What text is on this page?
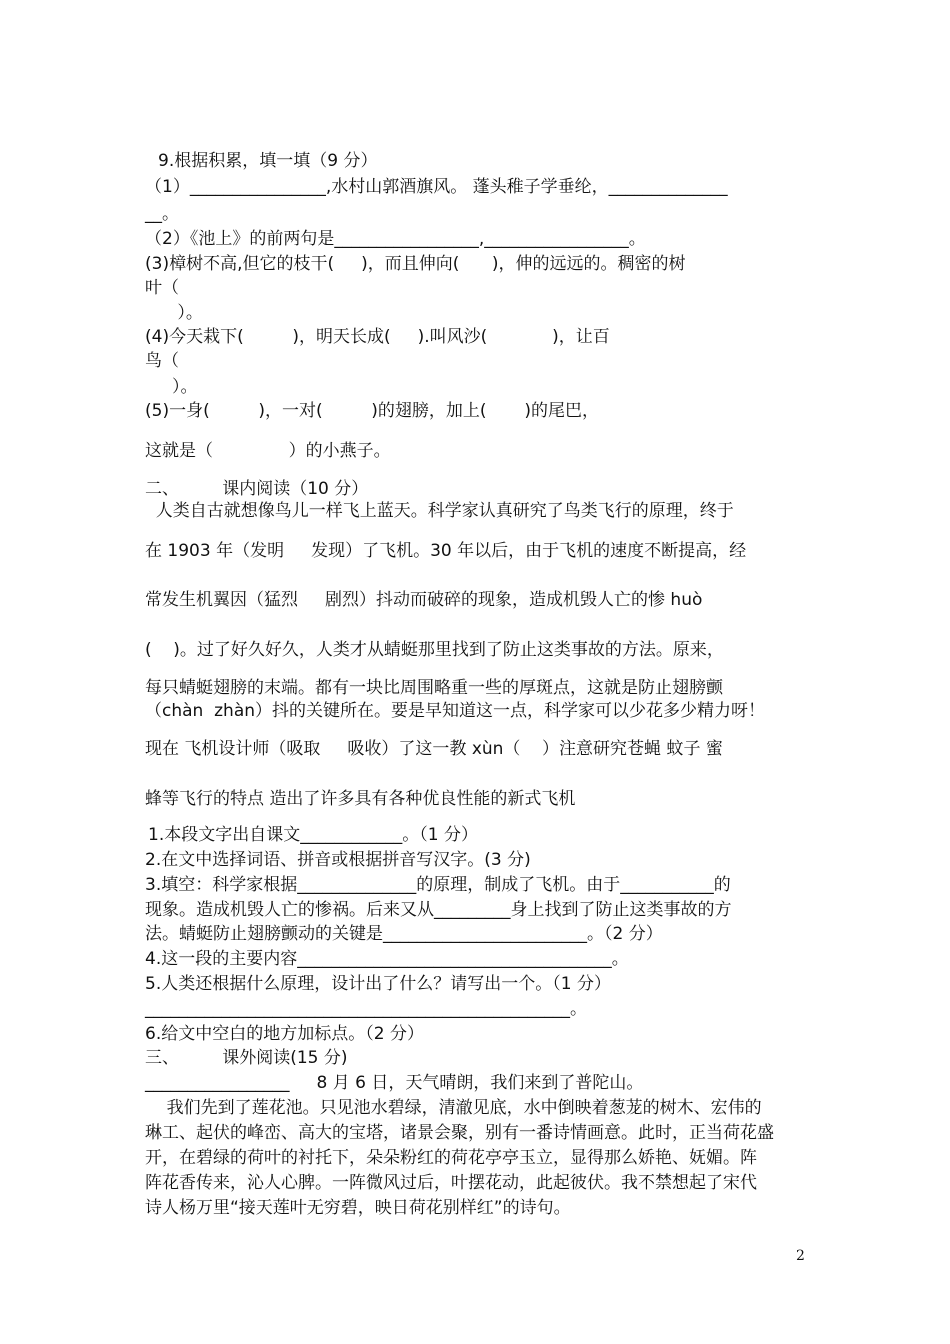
9.根据积累，填一填（9 分）
（1）________________,水村山郭酒旗风。 蓬头稚子学垂纶，______________
__。
（2）《池上》的前两句是_________________,_________________。
(3)樟树不高,但它的枝干(     )，而且伸向(      )，伸的远远的。稠密的树
叶（
）。
(4)今天栽下(         )，明天长成(     ).叫风沙(            )，让百
鸟（
）。
(5)一身(         )，一对(         )的翅膀，加上(       )的尾巴，
这就是（              ）的小燕子。
二、        课内阅读（10 分）
人类自古就想像鸟儿一样飞上蓝天。科学家认真研究了鸟类飞行的原理，终于
在 1903 年（发明     发现）了飞机。30 年以后，由于飞机的速度不断提高，经
常发生机翼因（猛烈     剧烈）抖动而破碎的现象，造成机毁人亡的惨 huò
(    )。过了好久好久，人类才从蜻蜓那里找到了防止这类事故的方法。原来，
每只蜻蜓翅膀的末端。都有一块比周围略重一些的厚斑点，这就是防止翅膀颤
（chàn  zhàn）抖的关键所在。要是早知道这一点，科学家可以少花多少精力呀！
现在 飞机设计师（吸取     吸收）了这一教 xùn（    ）注意研究苍蝇 蚊子 蜜
蜂等飞行的特点 造出了许多具有各种优良性能的新式飞机
1.本段文字出自课文____________。（1 分）
2.在文中选择词语、拼音或根据拼音写汉字。(3 分)
3.填空：科学家根据______________的原理，制成了飞机。由于___________的
现象。造成机毁人亡的惨祸。后来又从_________身上找到了防止这类事故的方
法。蜻蜓防止翅膀颤动的关键是________________________。（2 分）
4.这一段的主要内容_____________________________________。
5.人类还根据什么原理，设计出了什么？请写出一个。（1 分）
__________________________________________________。
6.给文中空白的地方加标点。（2 分）
三、        课外阅读(15 分)
_________________     8 月 6 日，天气晴朗，我们来到了普陀山。
我们先到了莲花池。只见池水碧绿，清澈见底，水中倒映着葱茏的树木、宏伟的
琳工、起伏的峰峦、高大的宝塔，诸景会聚，别有一番诗情画意。此时，正当荷花盛
开，在碧绿的荷叶的衬托下，朵朵粉红的荷花亭亭玉立，显得那么娇艳、妩媚。阵
阵花香传来，沁人心脾。一阵微风过后，叶摆花动，此起彼伏。我不禁想起了宋代
诗人杨万里“接天莲叶无穷碧，映日荷花别样红”的诗句。
2
